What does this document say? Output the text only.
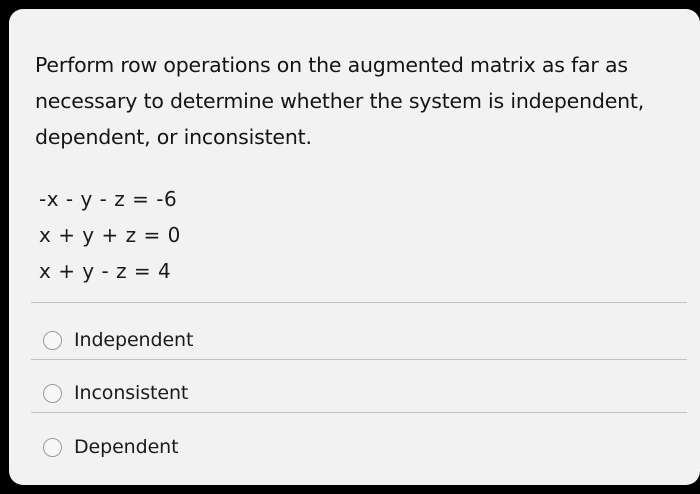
Perform row operations on the augmented matrix as far as necessary to determine whether the system is independent, dependent, or inconsistent.

-x - y - z = -6
x + y + z = 0
x + y - z = 4
Independent
Inconsistent
Dependent
